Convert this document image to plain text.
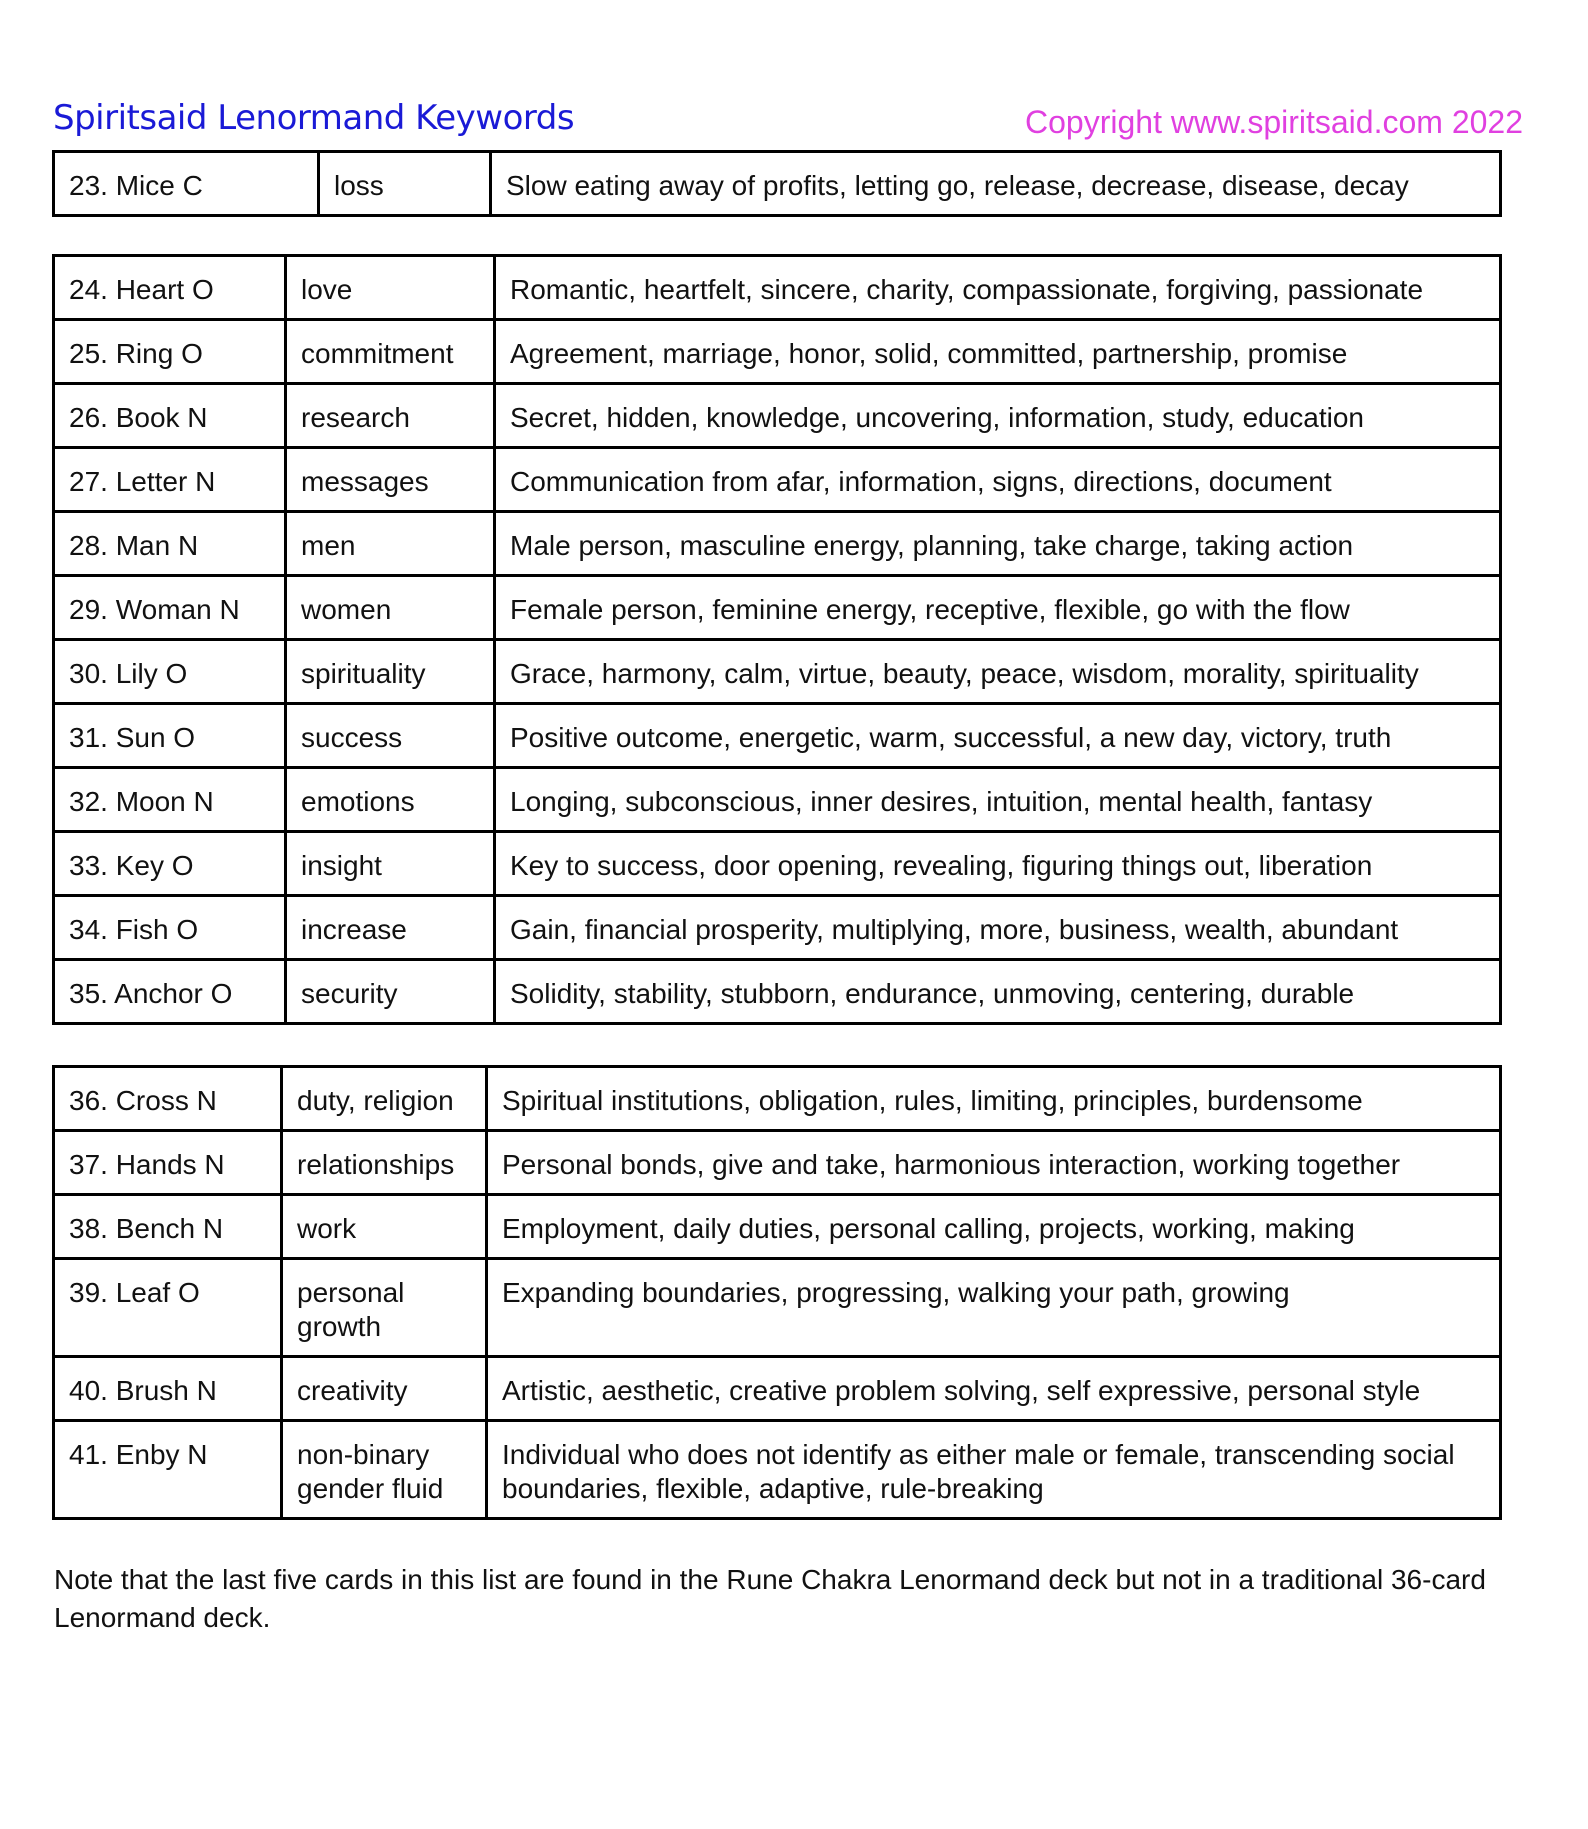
Spiritsaid Lenormand Keywords	Copyright www.spiritsaid.com 2022
23. Mice C	loss	Slow eating away of profits, letting go, release, decrease, disease, decay
24. Heart O	love	Romantic, heartfelt, sincere, charity, compassionate, forgiving, passionate

25. Ring O	commitment	Agreement, marriage, honor, solid, committed, partnership, promise

26. Book N	research	Secret, hidden, knowledge, uncovering, information, study, education

27. Letter N	messages	Communication from afar, information, signs, directions, document

28. Man N	men	Male person, masculine energy, planning, take charge, taking action

29. Woman N	women	Female person, feminine energy, receptive, flexible, go with the flow

30. Lily O	spirituality	Grace, harmony, calm, virtue, beauty, peace, wisdom, morality, spirituality

31. Sun O	success	Positive outcome, energetic, warm, successful, a new day, victory, truth

32. Moon N	emotions	Longing, subconscious, inner desires, intuition, mental health, fantasy

33. Key O	insight	Key to success, door opening, revealing, figuring things out, liberation

34. Fish O	increase	Gain, financial prosperity, multiplying, more, business, wealth, abundant

35. Anchor O	security	Solidity, stability, stubborn, endurance, unmoving, centering, durable
36. Cross N	duty, religion	Spiritual institutions, obligation, rules, limiting, principles, burdensome

37. Hands N	relationships	Personal bonds, give and take, harmonious interaction, working together

38. Bench N	work	Employment, daily duties, personal calling, projects, working, making

39. Leaf O	personal growth	Expanding boundaries, progressing, walking your path, growing

40. Brush N	creativity	Artistic, aesthetic, creative problem solving, self expressive, personal style

41. Enby N	non-binary gender fluid	Individual who does not identify as either male or female, transcending social boundaries, flexible, adaptive, rule-breaking
Note that the last five cards in this list are found in the Rune Chakra Lenormand deck but not in a traditional 36-card Lenormand deck.
